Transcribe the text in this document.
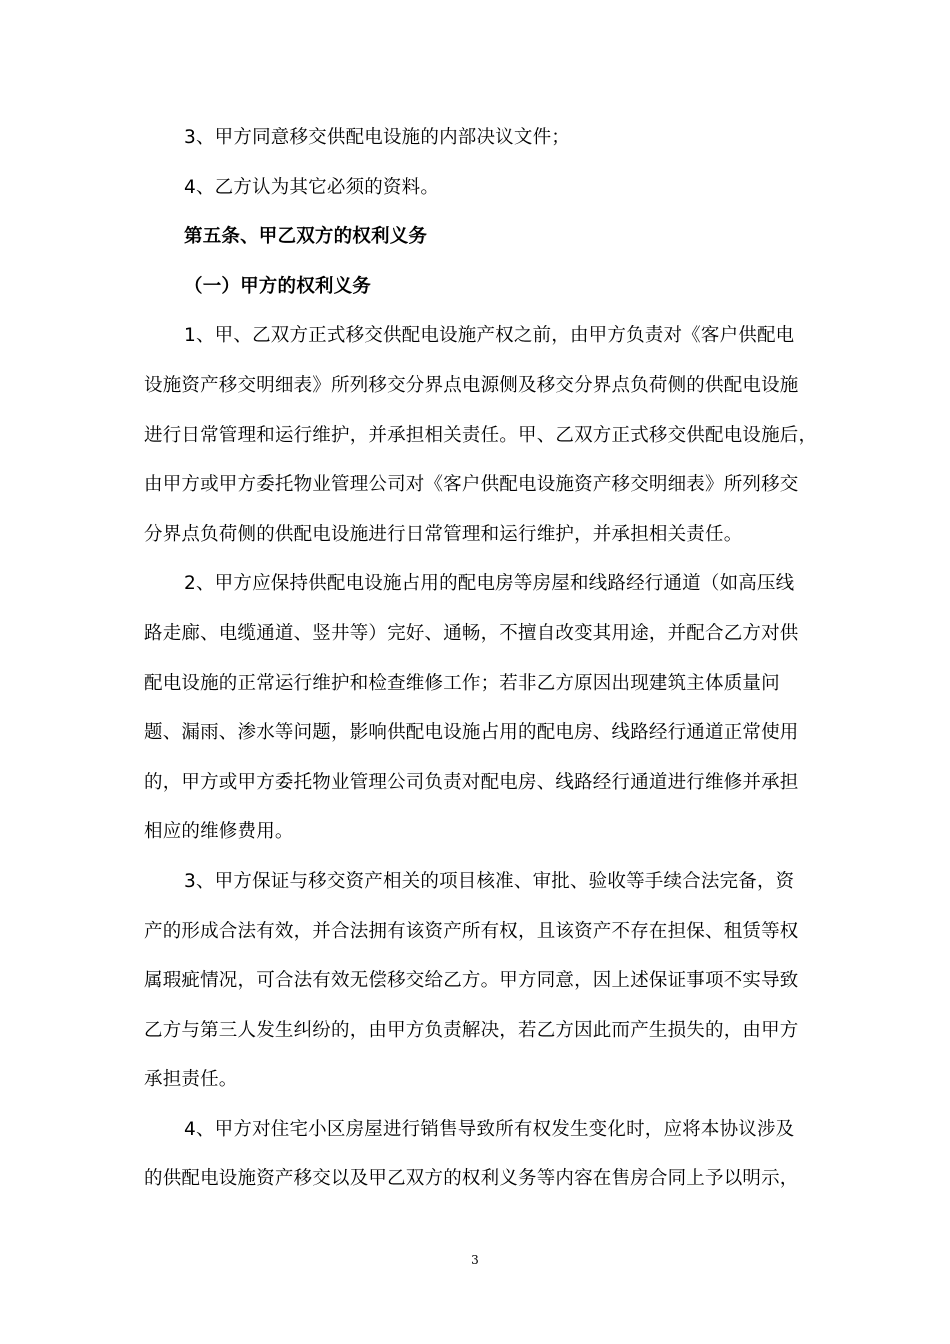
3、甲方同意移交供配电设施的内部决议文件；
4、乙方认为其它必须的资料。
第五条、甲乙双方的权利义务
（一）甲方的权利义务
1、甲、乙双方正式移交供配电设施产权之前，由甲方负责对《客户供配电
设施资产移交明细表》所列移交分界点电源侧及移交分界点负荷侧的供配电设施
进行日常管理和运行维护，并承担相关责任。甲、乙双方正式移交供配电设施后，
由甲方或甲方委托物业管理公司对《客户供配电设施资产移交明细表》所列移交
分界点负荷侧的供配电设施进行日常管理和运行维护，并承担相关责任。
2、甲方应保持供配电设施占用的配电房等房屋和线路经行通道（如高压线
路走廊、电缆通道、竖井等）完好、通畅，不擅自改变其用途，并配合乙方对供
配电设施的正常运行维护和检查维修工作；若非乙方原因出现建筑主体质量问
题、漏雨、渗水等问题，影响供配电设施占用的配电房、线路经行通道正常使用
的，甲方或甲方委托物业管理公司负责对配电房、线路经行通道进行维修并承担
相应的维修费用。
3、甲方保证与移交资产相关的项目核准、审批、验收等手续合法完备，资
产的形成合法有效，并合法拥有该资产所有权，且该资产不存在担保、租赁等权
属瑕疵情况，可合法有效无偿移交给乙方。甲方同意，因上述保证事项不实导致
乙方与第三人发生纠纷的，由甲方负责解决，若乙方因此而产生损失的，由甲方
承担责任。
4、甲方对住宅小区房屋进行销售导致所有权发生变化时，应将本协议涉及
的供配电设施资产移交以及甲乙双方的权利义务等内容在售房合同上予以明示，
3
